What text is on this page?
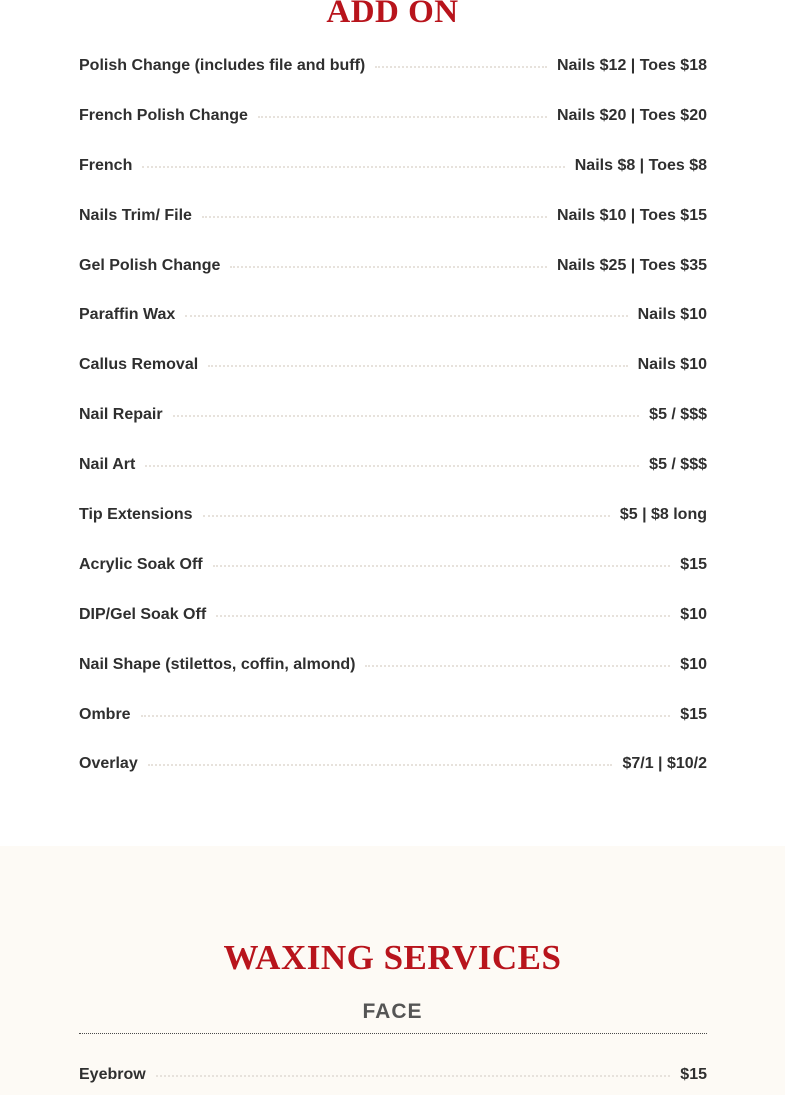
ADD ON
Polish Change (includes file and buff)	Nails $12 | Toes $18
French Polish Change	Nails $20 | Toes $20
French	Nails $8 | Toes $8
Nails Trim/ File	Nails $10 | Toes $15
Gel Polish Change	Nails $25 | Toes $35
Paraffin Wax	Nails $10
Callus Removal	Nails $10
Nail Repair	$5 / $$$
Nail Art	$5 / $$$
Tip Extensions	$5 | $8 long
Acrylic Soak Off	$15
DIP/Gel Soak Off	$10
Nail Shape (stilettos, coffin, almond)	$10
Ombre	$15
Overlay	$7/1 | $10/2
WAXING SERVICES
FACE
Eyebrow	$15
